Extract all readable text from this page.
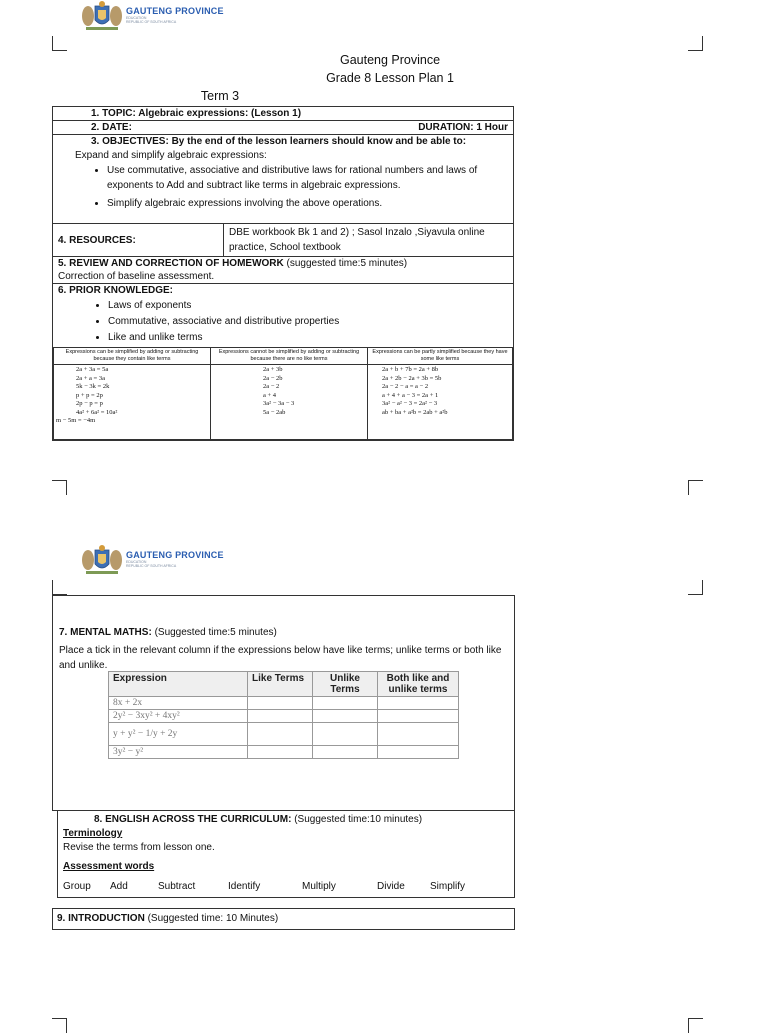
GAUTENG PROVINCE
EDUCATION
REPUBLIC OF SOUTH AFRICA
Gauteng Province
Grade 8 Lesson Plan 1
Term 3
1. TOPIC: Algebraic expressions: (Lesson 1)
2. DATE:	DURATION: 1 Hour

3. OBJECTIVES: By the end of the lesson learners should know and be able to:
Expand and simplify algebraic expressions:
• Use commutative, associative and distributive laws for rational numbers and laws of exponents to Add and subtract like terms in algebraic expressions.
• Simplify algebraic expressions involving the above operations.

4. RESOURCES:	DBE workbook Bk 1 and 2) ; Sasol Inzalo ,Siyavula online practice, School textbook
5. REVIEW AND CORRECTION OF HOMEWORK (suggested time:5 minutes)
Correction of baseline assessment.

6. PRIOR KNOWLEDGE:
• Laws of exponents
• Commutative, associative and distributive properties
• Like and unlike terms
Expressions can be simplified by adding or subtracting because they contain like terms	Expressions cannot be simplified by adding or subtracting because there are no like terms	Expressions can be partly simplified because they have some like terms

2a + 3a = 5a
2a + a = 3a
5k − 3k = 2k
p + p = 2p
2p − p = p
4a² + 6a² = 10a²
m − 5m = −4m

2a + 3b
2a − 2b
2a − 2
a + 4
3a² − 3a − 3
5a − 2ab

2a + b + 7b = 2a + 8b
2a + 2b − 2a + 3b = 5b
2a − 2 − a = a − 2
a + 4 + a − 3 = 2a + 1
3a² − a² − 3 = 2a² − 3
ab + ba + a²b = 2ab + a²b
GAUTENG PROVINCE
EDUCATION
REPUBLIC OF SOUTH AFRICA
7. MENTAL MATHS: (Suggested time:5 minutes)
Place a tick in the relevant column if the expressions below have like terms; unlike terms or both like and unlike.
Expression	Like Terms	Unlike Terms	Both like and unlike terms
8x + 2x			
2y² − 3xy² + 4xy²			
y + y² − 1/y + 2y			
3y² − y²			
8. ENGLISH ACROSS THE CURRICULUM: (Suggested time:10 minutes)
Terminology
Revise the terms from lesson one.
Assessment words
Group Add	Subtract	Identify	Multiply	Divide	Simplify
9. INTRODUCTION (Suggested time: 10 Minutes)
